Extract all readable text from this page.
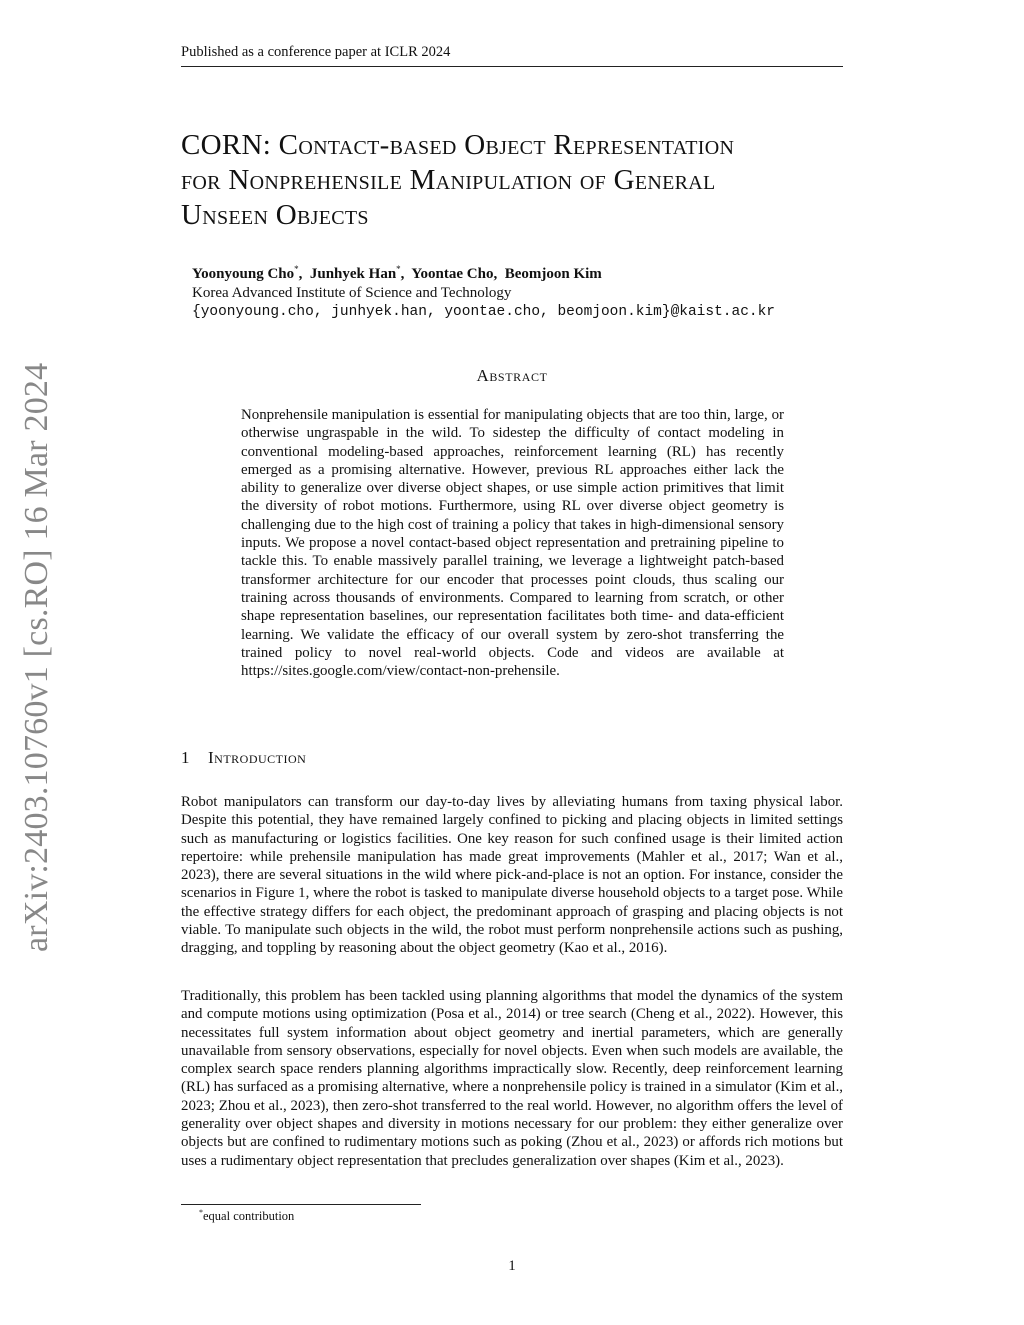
Published as a conference paper at ICLR 2024
arXiv:2403.10760v1 [cs.RO] 16 Mar 2024
CORN: Contact-based Object Representation
for Nonprehensile Manipulation of General
Unseen Objects
Yoonyoung Cho*,  Junhyek Han*,  Yoontae Cho,  Beomjoon Kim
Korea Advanced Institute of Science and Technology
{yoonyoung.cho, junhyek.han, yoontae.cho, beomjoon.kim}@kaist.ac.kr
Abstract

Nonprehensile manipulation is essential for manipulating objects that are too thin, large, or otherwise ungraspable in the wild. To sidestep the difficulty of contact modeling in conventional modeling-based approaches, reinforcement learning (RL) has recently emerged as a promising alternative. However, previous RL approaches either lack the ability to generalize over diverse object shapes, or use simple action primitives that limit the diversity of robot motions. Furthermore, using RL over diverse object geometry is challenging due to the high cost of training a policy that takes in high-dimensional sensory inputs. We propose a novel contact-based object representation and pretraining pipeline to tackle this. To enable massively parallel training, we leverage a lightweight patch-based transformer architecture for our encoder that processes point clouds, thus scaling our training across thousands of environments. Compared to learning from scratch, or other shape representation baselines, our representation facilitates both time- and data-efficient learning. We validate the efficacy of our overall system by zero-shot transferring the trained policy to novel real-world objects. Code and videos are available at https://sites.google.com/view/contact-non-prehensile.

1 Introduction

Robot manipulators can transform our day-to-day lives by alleviating humans from taxing physical labor. Despite this potential, they have remained largely confined to picking and placing objects in limited settings such as manufacturing or logistics facilities. One key reason for such confined usage is their limited action repertoire: while prehensile manipulation has made great improvements (Mahler et al., 2017; Wan et al., 2023), there are several situations in the wild where pick-and-place is not an option. For instance, consider the scenarios in Figure 1, where the robot is tasked to manipulate diverse household objects to a target pose. While the effective strategy differs for each object, the predominant approach of grasping and placing objects is not viable. To manipulate such objects in the wild, the robot must perform nonprehensile actions such as pushing, dragging, and toppling by reasoning about the object geometry (Kao et al., 2016).

Traditionally, this problem has been tackled using planning algorithms that model the dynamics of the system and compute motions using optimization (Posa et al., 2014) or tree search (Cheng et al., 2022). However, this necessitates full system information about object geometry and inertial parameters, which are generally unavailable from sensory observations, especially for novel objects. Even when such models are available, the complex search space renders planning algorithms impractically slow. Recently, deep reinforcement learning (RL) has surfaced as a promising alternative, where a nonprehensile policy is trained in a simulator (Kim et al., 2023; Zhou et al., 2023), then zero-shot transferred to the real world. However, no algorithm offers the level of generality over object shapes and diversity in motions necessary for our problem: they either generalize over objects but are confined to rudimentary motions such as poking (Zhou et al., 2023) or affords rich motions but uses a rudimentary object representation that precludes generalization over shapes (Kim et al., 2023).

*equal contribution
1
